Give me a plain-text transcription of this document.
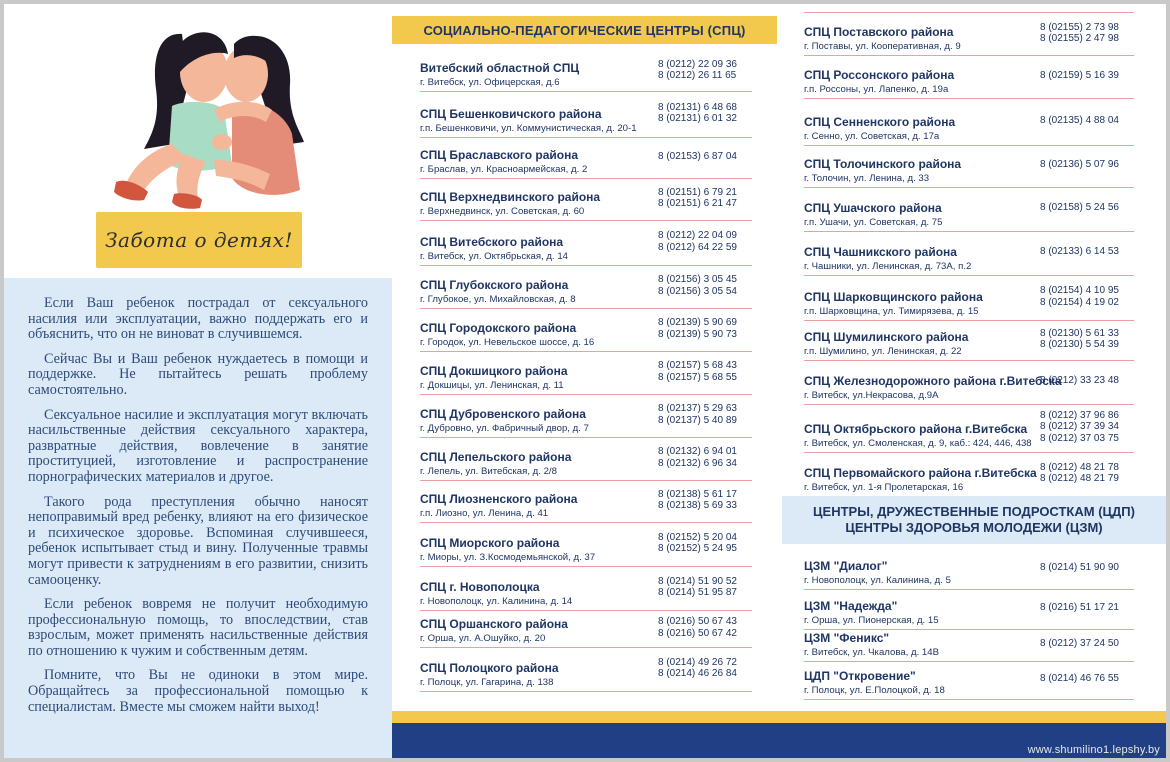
Забота о детях!

Если Ваш ребенок пострадал от сексуального насилия или эксплуатации, важно поддержать его и объяснить, что он не виноват в случившемся.

Сейчас Вы и Ваш ребенок нуждаетесь в помощи и поддержке. Не пытайтесь решать проблему самостоятельно.

Сексуальное насилие и эксплуатация могут включать насильственные действия сексуального характера, развратные действия, вовлечение в занятие проституцией, изготовление и распространение порнографических материалов и другое.

Такого рода преступления обычно наносят непоправимый вред ребенку, влияют на его физическое и психическое здоровье. Вспоминая случившееся, ребенок испытывает стыд и вину. Полученные травмы могут привести к затруднениям в его развитии, снизить самооценку.

Если ребенок вовремя не получит необходимую профессиональную помощь, то впоследствии, став взрослым, может применять насильственные действия по отношению к чужим и собственным детям.

Помните, что Вы не одиноки в этом мире. Обращайтесь за профессиональной помощью к специалистам. Вместе мы сможем найти выход!

СОЦИАЛЬНО-ПЕДАГОГИЧЕСКИЕ ЦЕНТРЫ (СПЦ)
Витебский областной СПЦ
г. Витебск, ул. Офицерская, д.6
8 (0212) 22 09 36
8 (0212) 26 11 65
СПЦ Бешенковичского района
г.п. Бешенковичи, ул. Коммунистическая, д. 20-1
8 (02131) 6 48 68
8 (02131) 6 01 32
СПЦ Браславского района
г. Браслав, ул. Красноармейская, д. 2
8 (02153) 6 87 04
СПЦ Верхнедвинского района
г. Верхнедвинск, ул. Советская, д. 60
8 (02151) 6 79 21
8 (02151) 6 21 47
СПЦ Витебского района
г. Витебск, ул. Октябрьская, д. 14
8 (0212) 22 04 09
8 (0212) 64 22 59
СПЦ Глубокского района
г. Глубокое, ул. Михайловская, д. 8
8 (02156) 3 05 45
8 (02156) 3 05 54
СПЦ Городокского района
г. Городок, ул. Невельское шоссе, д. 16
8 (02139) 5 90 69
8 (02139) 5 90 73
СПЦ Докшицкого района
г. Докшицы, ул. Ленинская, д. 11
8 (02157) 5 68 43
8 (02157) 5 68 55
СПЦ Дубровенского района
г. Дубровно, ул. Фабричный двор, д. 7
8 (02137) 5 29 63
8 (02137) 5 40 89
СПЦ Лепельского района
г. Лепель, ул. Витебская, д. 2/8
8 (02132) 6 94 01
8 (02132) 6 96 34
СПЦ Лиозненского района
г.п. Лиозно, ул. Ленина, д. 41
8 (02138) 5 61 17
8 (02138) 5 69 33
СПЦ Миорского района
г. Миоры, ул. З.Космодемьянской, д. 37
8 (02152) 5 20 04
8 (02152) 5 24 95
СПЦ г. Новополоцка
г. Новополоцк, ул. Калинина, д. 14
8 (0214) 51 90 52
8 (0214) 51 95 87
СПЦ Оршанского района
г. Орша, ул. А.Ошуйко, д. 20
8 (0216) 50 67 43
8 (0216) 50 67 42
СПЦ Полоцкого района
г. Полоцк, ул. Гагарина, д. 138
8 (0214) 49 26 72
8 (0214) 46 26 84
СПЦ Поставского района
г. Поставы, ул. Кооперативная, д. 9
8 (02155) 2 73 98
8 (02155) 2 47 98
СПЦ Россонского района
г.п. Россоны, ул. Лапенко, д. 19а
8 (02159) 5 16 39
СПЦ Сенненского района
г. Сенно, ул. Советская, д. 17а
8 (02135) 4 88 04
СПЦ Толочинского района
г. Толочин, ул. Ленина, д. 33
8 (02136) 5 07 96
СПЦ Ушачского района
г.п. Ушачи, ул. Советская, д. 75
8 (02158) 5 24 56
СПЦ Чашникского района
г. Чашники, ул. Ленинская, д. 73А, п.2
8 (02133) 6 14 53
СПЦ Шарковщинского района
г.п. Шарковщина, ул. Тимирязева, д. 15
8 (02154) 4 10 95
8 (02154) 4 19 02
СПЦ Шумилинского района
г.п. Шумилино, ул. Ленинская, д. 22
8 (02130) 5 61 33
8 (02130) 5 54 39
СПЦ Железнодорожного района г.Витебска
г. Витебск, ул.Некрасова, д.9А
8 (0212) 33 23 48
СПЦ Октябрьского района г.Витебска
г. Витебск, ул. Смоленская, д. 9, каб.: 424, 446, 438
8 (0212) 37 96 86
8 (0212) 37 39 34
8 (0212) 37 03 75
СПЦ Первомайского района г.Витебска
г. Витебск, ул. 1-я Пролетарская, 16
8 (0212) 48 21 78
8 (0212) 48 21 79
ЦЕНТРЫ, ДРУЖЕСТВЕННЫЕ ПОДРОСТКАМ (ЦДП)
ЦЕНТРЫ ЗДОРОВЬЯ МОЛОДЕЖИ (ЦЗМ)
ЦЗМ "Диалог"
г. Новополоцк, ул. Калинина, д. 5
8 (0214) 51 90 90
ЦЗМ "Надежда"
г. Орша, ул. Пионерская, д. 15
8 (0216) 51 17 21
ЦЗМ "Феникс"
г. Витебск, ул. Чкалова, д. 14В
8 (0212) 37 24 50
ЦДП "Откровение"
г. Полоцк, ул. Е.Полоцкой, д. 18
8 (0214) 46 76 55
www.shumilino1.lepshy.by
